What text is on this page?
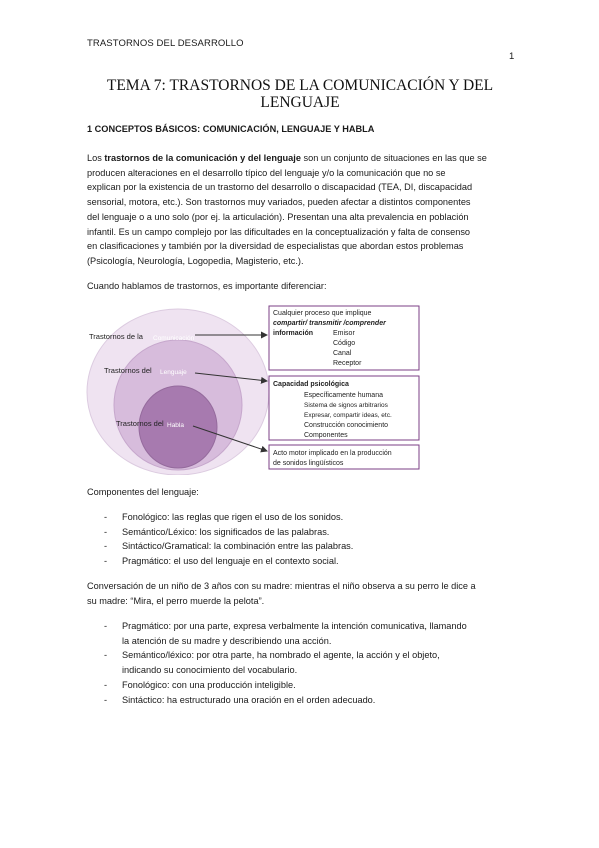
TRASTORNOS DEL DESARROLLO
1
TEMA 7: TRASTORNOS DE LA COMUNICACIÓN Y DEL
LENGUAJE
1 CONCEPTOS BÁSICOS: COMUNICACIÓN, LENGUAJE Y HABLA
Los trastornos de la comunicación y del lenguaje son un conjunto de situaciones en las que se
producen alteraciones en el desarrollo típico del lenguaje y/o la comunicación que no se
explican por la existencia de un trastorno del desarrollo o discapacidad (TEA, DI, discapacidad
sensorial, motora, etc.). Son trastornos muy variados, pueden afectar a distintos componentes
del lenguaje o a uno solo (por ej. la articulación). Presentan una alta prevalencia en población
infantil. Es un campo complejo por las dificultades en la conceptualización y falta de consenso
en clasificaciones y también por la diversidad de especialistas que abordan estos problemas
(Psicología, Neurología, Logopedia, Magisterio, etc.).
Cuando hablamos de trastornos, es importante diferenciar:
Trastornos de la Comunicación
Trastornos del Lenguaje
Trastornos del Habla
Cualquier proceso que implique
compartir/ transmitir /comprender
información	Emisor
Código
Canal
Receptor
Capacidad psicológica
Específicamente humana
Sistema de signos arbitrarios
Expresar, compartir ideas, etc.
Construcción conocimiento
Componentes
Acto motor implicado en la producción
de sonidos lingüísticos
Componentes del lenguaje:
- Fonológico: las reglas que rigen el uso de los sonidos.
- Semántico/Léxico: los significados de las palabras.
- Sintáctico/Gramatical: la combinación entre las palabras.
- Pragmático: el uso del lenguaje en el contexto social.
Conversación de un niño de 3 años con su madre: mientras el niño observa a su perro le dice a
su madre: “Mira, el perro muerde la pelota”.
- Pragmático: por una parte, expresa verbalmente la intención comunicativa, llamando
la atención de su madre y describiendo una acción.
- Semántico/léxico: por otra parte, ha nombrado el agente, la acción y el objeto,
indicando su conocimiento del vocabulario.
- Fonológico: con una producción inteligible.
- Sintáctico: ha estructurado una oración en el orden adecuado.
